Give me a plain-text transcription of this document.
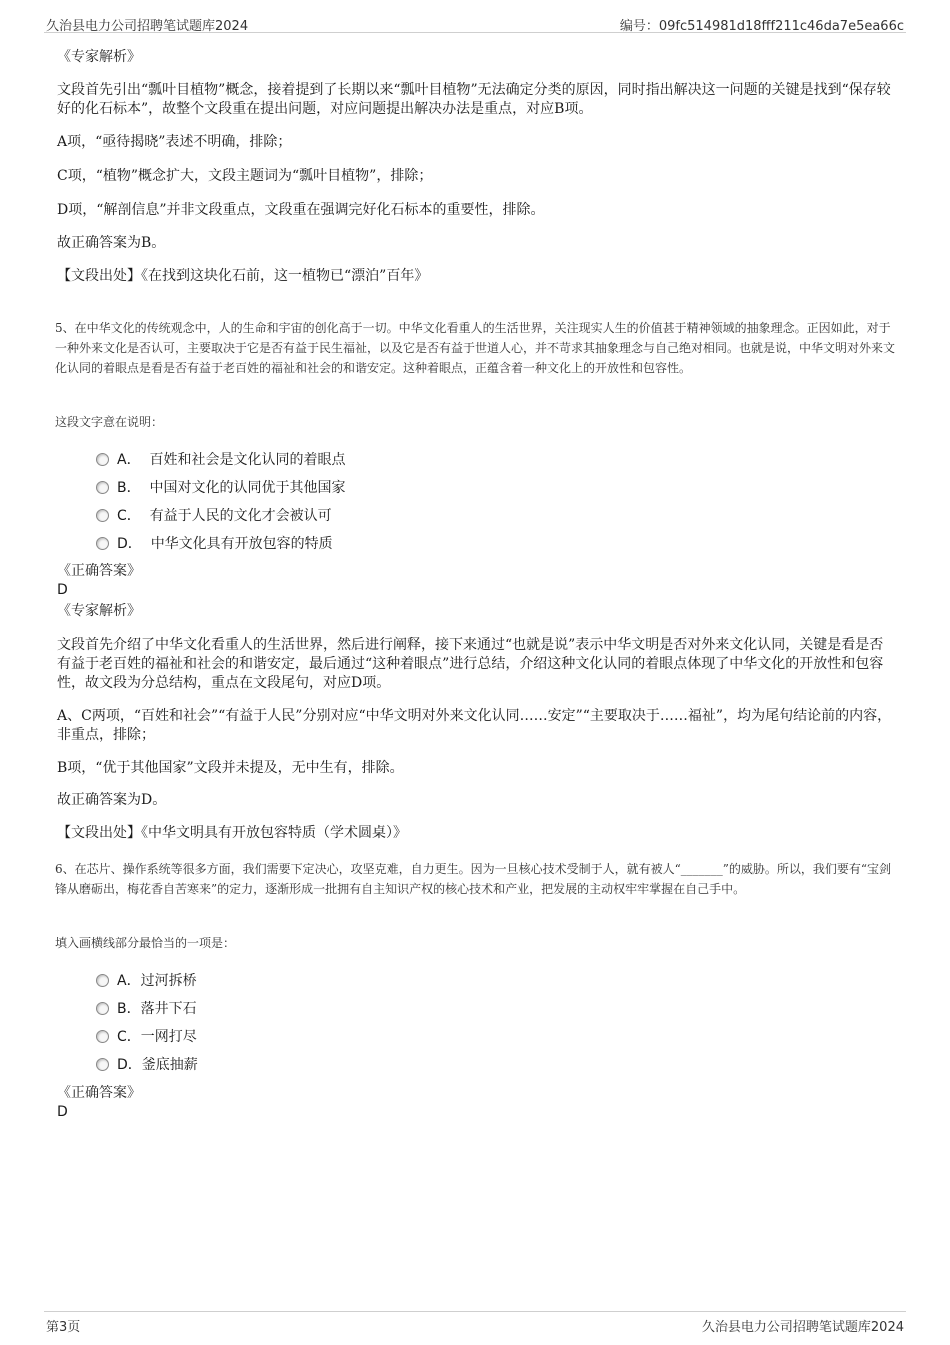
久治县电力公司招聘笔试题库2024	编号：09fc514981d18fff211c46da7e5ea66c
《专家解析》
文段首先引出“瓢叶目植物”概念，接着提到了长期以来“瓢叶目植物”无法确定分类的原因，同时指出解决这一问题的关键是找到“保存较好的化石标本”，故整个文段重在提出问题，对应问题提出解决办法是重点，对应B项。
A项，“亟待揭晓”表述不明确，排除；
C项，“植物”概念扩大，文段主题词为“瓢叶目植物”，排除；
D项，“解剖信息”并非文段重点，文段重在强调完好化石标本的重要性，排除。
故正确答案为B。
【文段出处】《在找到这块化石前，这一植物已“漂泊”百年》
5、在中华文化的传统观念中，人的生命和宇宙的创化高于一切。中华文化看重人的生活世界，关注现实人生的价值甚于精神领域的抽象理念。正因如此，对于一种外来文化是否认可，主要取决于它是否有益于民生福祉，以及它是否有益于世道人心，并不苛求其抽象理念与自己绝对相同。也就是说，中华文明对外来文化认同的着眼点是看是否有益于老百姓的福祉和社会的和谐安定。这种着眼点，正蕴含着一种文化上的开放性和包容性。
这段文字意在说明：
A． 百姓和社会是文化认同的着眼点
B． 中国对文化的认同优于其他国家
C． 有益于人民的文化才会被认可
D． 中华文化具有开放包容的特质
《正确答案》
D
《专家解析》
文段首先介绍了中华文化看重人的生活世界，然后进行阐释，接下来通过“也就是说”表示中华文明是否对外来文化认同，关键是看是否有益于老百姓的福祉和社会的和谐安定，最后通过“这种着眼点”进行总结，介绍这种文化认同的着眼点体现了中华文化的开放性和包容性，故文段为分总结构，重点在文段尾句，对应D项。
A、C两项，“百姓和社会”“有益于人民”分别对应“中华文明对外来文化认同……安定”“主要取决于……福祉”，均为尾句结论前的内容，非重点，排除；
B项，“优于其他国家”文段并未提及，无中生有，排除。
故正确答案为D。
【文段出处】《中华文明具有开放包容特质（学术圆桌）》
6、在芯片、操作系统等很多方面，我们需要下定决心，攻坚克难，自力更生。因为一旦核心技术受制于人，就有被人“_______”的威胁。所以，我们要有“宝剑锋从磨砺出，梅花香自苦寒来”的定力，逐渐形成一批拥有自主知识产权的核心技术和产业，把发展的主动权牢牢掌握在自己手中。
填入画横线部分最恰当的一项是：
A．过河拆桥
B．落井下石
C．一网打尽
D．釜底抽薪
《正确答案》
D
第3页	久治县电力公司招聘笔试题库2024
